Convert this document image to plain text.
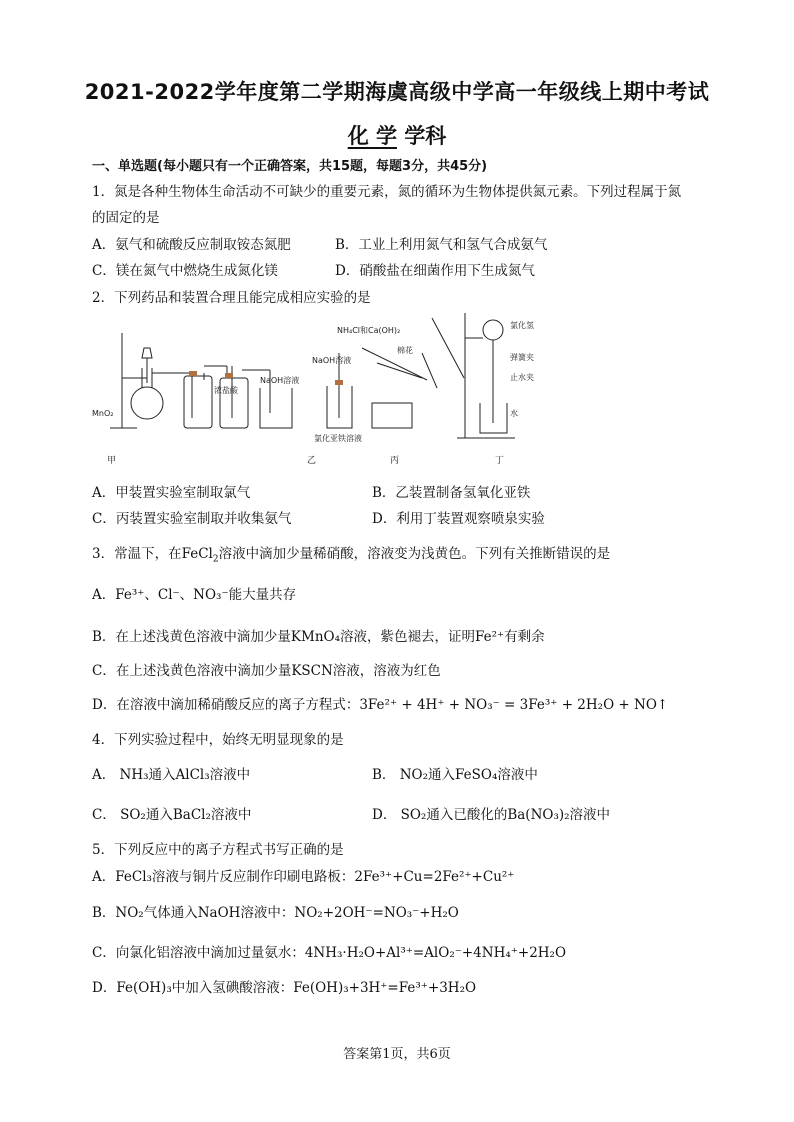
2021-2022学年度第二学期海虞高级中学高一年级线上期中考试
化 学 学科
一、单选题(每小题只有一个正确答案，共15题，每题3分，共45分)
1．氮是各种生物体生命活动不可缺少的重要元素，氮的循环为生物体提供氮元素。下列过程属于氮
的固定的是
A．氨气和硫酸反应制取铵态氮肥	B．工业上利用氮气和氢气合成氨气
C．镁在氮气中燃烧生成氮化镁	D．硝酸盐在细菌作用下生成氮气
2．下列药品和装置合理且能完成相应实验的是
MnO₂
浓盐酸
NaOH溶液
NaOH溶液
氯化亚铁溶液
NH₄Cl和Ca(OH)₂
棉花
甲	乙	丙
氯化氢
弹簧夹
止水夹
水
丁
A．甲装置实验室制取氯气	B．乙装置制备氢氧化亚铁
C．丙装置实验室制取并收集氨气	D．利用丁装置观察喷泉实验
3．常温下，在FeCl$_2$溶液中滴加少量稀硝酸，溶液变为浅黄色。下列有关推断错误的是
A．Fe³⁺、Cl⁻、NO₃⁻能大量共存
B．在上述浅黄色溶液中滴加少量KMnO₄溶液，紫色褪去，证明Fe²⁺有剩余
C．在上述浅黄色溶液中滴加少量KSCN溶液，溶液为红色
D．在溶液中滴加稀硝酸反应的离子方程式：3Fe²⁺ + 4H⁺ + NO₃⁻ = 3Fe³⁺ + 2H₂O + NO↑
4．下列实验过程中，始终无明显现象的是
A． NH₃通入AlCl₃溶液中	B． NO₂通入FeSO₄溶液中
C． SO₂通入BaCl₂溶液中	D． SO₂通入已酸化的Ba(NO₃)₂溶液中
5．下列反应中的离子方程式书写正确的是
A．FeCl₃溶液与铜片反应制作印刷电路板：2Fe³⁺+Cu=2Fe²⁺+Cu²⁺
B．NO₂气体通入NaOH溶液中：NO₂+2OH⁻=NO₃⁻+H₂O
C．向氯化铝溶液中滴加过量氨水：4NH₃·H₂O+Al³⁺=AlO₂⁻+4NH₄⁺+2H₂O
D．Fe(OH)₃中加入氢碘酸溶液：Fe(OH)₃+3H⁺=Fe³⁺+3H₂O
答案第1页，共6页
